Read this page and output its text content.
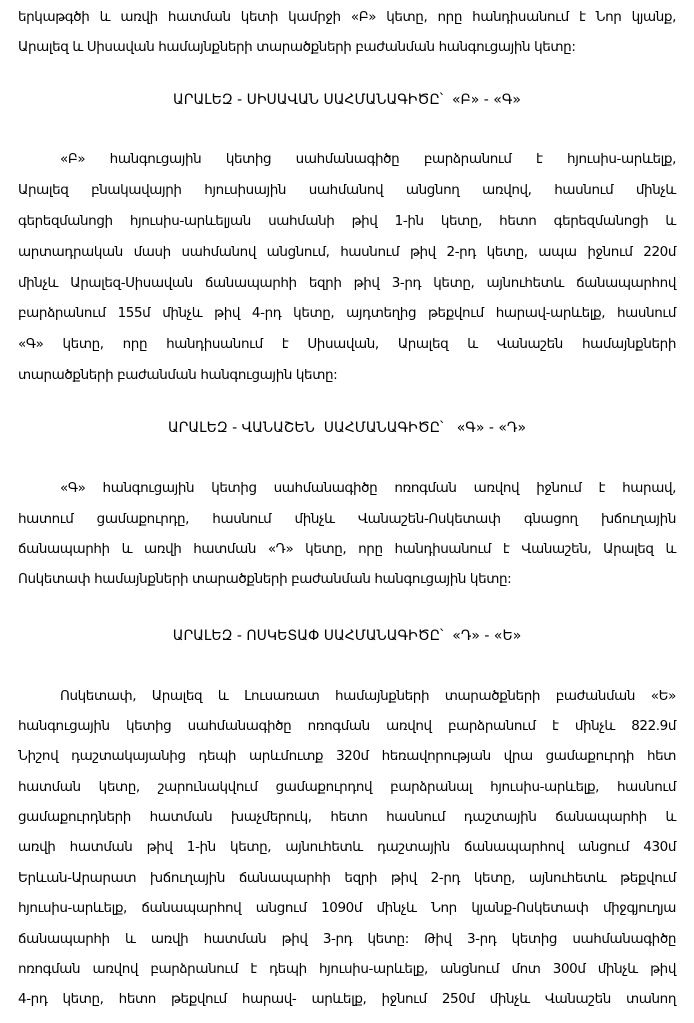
երկաթգծի և առվի հատման կետի կամրջի «Բ» կետը, որը հանդիսանում է Նոր կյանք,
Արալեզ և Սիսավան համայնքների տարածքների բաժանման հանգուցային կետը:
ԱՐԱԼԵԶ - ՍԻՍԱՎԱՆ ՍԱՀՄԱՆԱԳԻԾԸ՝  «Բ» - «Գ»
«Բ» հանգուցային կետից սահմանագիծը բարձրանում է հյուսիս-արևելք,
Արալեզ բնակավայրի հյուսիսային սահմանով անցնող առվով, հասնում մինչև
գերեզմանոցի հյուսիս-արևելյան սահմանի թիվ 1-ին կետը, հետո գերեզմանոցի և
արտադրական մասի սահմանով անցնում, հասնում թիվ 2-րդ կետը, ապա իջնում 220մ
մինչև Արալեզ-Սիսավան ճանապարհի եզրի թիվ 3-րդ կետը, այնուհետև ճանապարհով
բարձրանում 155մ մինչև թիվ 4-րդ կետը, այդտեղից թեքվում հարավ-արևելք, հասնում
«Գ» կետը, որը հանդիսանում է Սիսավան, Արալեզ և Վանաշեն համայնքների
տարածքների բաժանման հանգուցային կետը:
ԱՐԱԼԵԶ - ՎԱՆԱՇԵՆ  ՍԱՀՄԱՆԱԳԻԾԸ՝   «Գ» - «Դ»
«Գ» հանգուցային կետից սահմանագիծը ոռոգման առվով իջնում է հարավ,
հատում ցամաքուրդը, հասնում մինչև Վանաշեն-Ոսկետափ գնացող խճուղային
ճանապարհի և առվի հատման «Դ» կետը, որը հանդիսանում է Վանաշեն, Արալեզ և
Ոսկետափ համայնքների տարածքների բաժանման հանգուցային կետը:
ԱՐԱԼԵԶ - ՈՍԿԵՏԱՓ ՍԱՀՄԱՆԱԳԻԾԸ՝  «Դ» - «Ե»
Ոսկետափ, Արալեզ և Լուսառատ համայնքների տարածքների բաժանման «Ե»
հանգուցային կետից սահմանագիծը ոռոգման առվով բարձրանում է մինչև 822.9մ
Նիշով դաշտակայանից դեպի արևմուտք 320մ հեռավորության վրա ցամաքուրդի հետ
հատման կետը, շարունակվում ցամաքուրդով բարձրանալ հյուսիս-արևելք, հասնում
ցամաքուրդների հատման խաչմերուկ, հետո հասնում դաշտային ճանապարհի և
առվի հատման թիվ 1-ին կետը, այնուհետև դաշտային ճանապարհով անցում 430մ
Երևան-Արարատ խճուղային ճանապարհի եզրի թիվ 2-րդ կետը, այնուհետև թեքվում
հյուսիս-արևելք, ճանապարհով անցում 1090մ մինչև Նոր կյանք-Ոսկետափ միջգյուղյա
ճանապարհի և առվի հատման թիվ 3-րդ կետը: Թիվ 3-րդ կետից սահմանագիծը
ոռոգման առվով բարձրանում է դեպի հյուսիս-արևելք, անցնում մոտ 300մ մինչև թիվ
4-րդ կետը, հետո թեքվում հարավ- արևելք, իջնում 250մ մինչև Վանաշեն տանող
